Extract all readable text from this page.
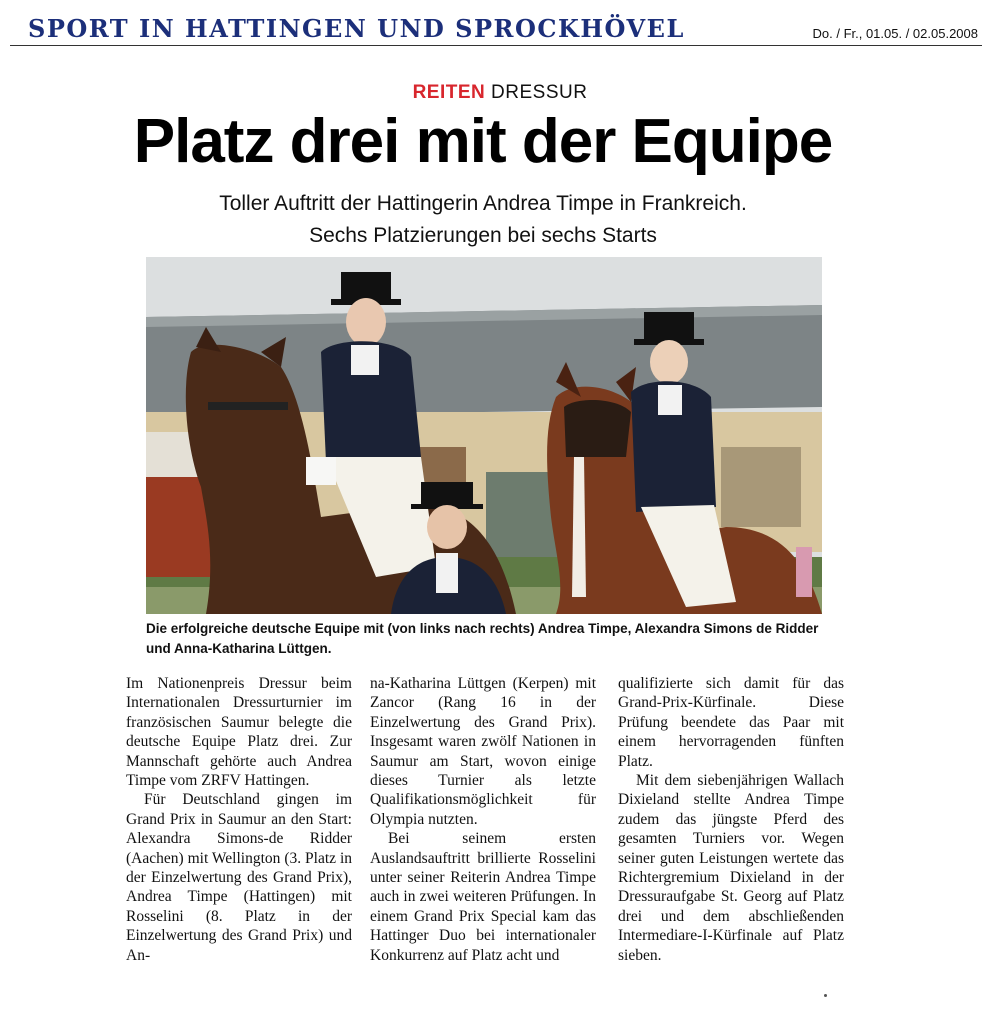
SPORT IN HATTINGEN UND SPROCKHÖVEL	Do. / Fr., 01.05. / 02.05.2008
REITEN DRESSUR
Platz drei mit der Equipe
Toller Auftritt der Hattingerin Andrea Timpe in Frankreich.
Sechs Platzierungen bei sechs Starts
Die erfolgreiche deutsche Equipe mit (von links nach rechts) Andrea Timpe, Alexandra Simons de Ridder und Anna-Katharina Lüttgen.

Im Nationenpreis Dressur beim Internationalen Dressurturnier im französischen Saumur belegte die deutsche Equipe Platz drei. Zur Mannschaft gehörte auch Andrea Timpe vom ZRFV Hattingen.

Für Deutschland gingen im Grand Prix in Saumur an den Start: Alexandra Simons-de Ridder (Aachen) mit Wellington (3. Platz in der Einzelwertung des Grand Prix), Andrea Timpe (Hattingen) mit Rosselini (8. Platz in der Einzelwertung des Grand Prix) und An-

na-Katharina Lüttgen (Kerpen) mit Zancor (Rang 16 in der Einzelwertung des Grand Prix). Insgesamt waren zwölf Nationen in Saumur am Start, wovon einige dieses Turnier als letzte Qualifikationsmöglichkeit für Olympia nutzten.

Bei seinem ersten Auslandsauftritt brillierte Rosselini unter seiner Reiterin Andrea Timpe auch in zwei weiteren Prüfungen. In einem Grand Prix Special kam das Hattinger Duo bei internationaler Konkurrenz auf Platz acht und

qualifizierte sich damit für das Grand-Prix-Kürfinale. Diese Prüfung beendete das Paar mit einem hervorragenden fünften Platz.

Mit dem siebenjährigen Wallach Dixieland stellte Andrea Timpe zudem das jüngste Pferd des gesamten Turniers vor. Wegen seiner guten Leistungen wertete das Richtergremium Dixieland in der Dressuraufgabe St. Georg auf Platz drei und dem abschließenden Intermediare-I-Kürfinale auf Platz sieben.
